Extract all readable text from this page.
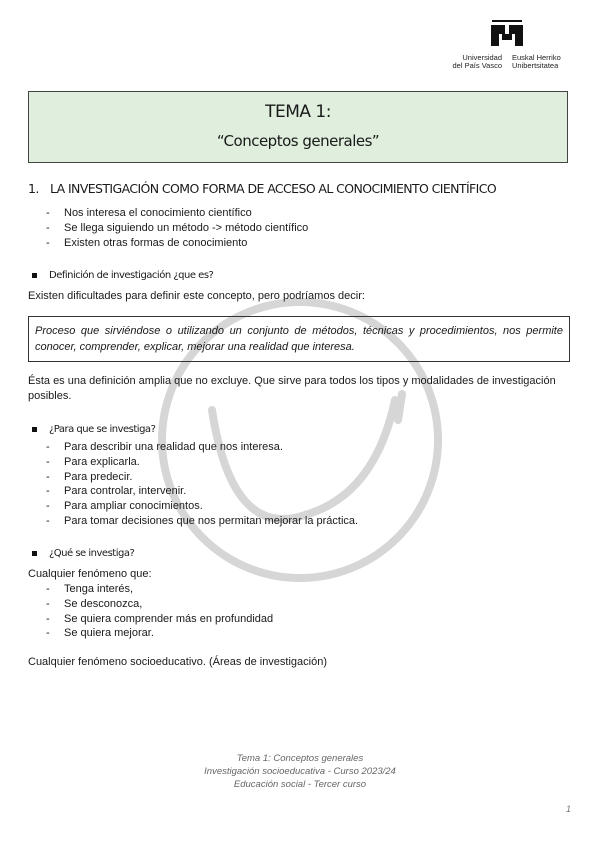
Universidad
del País Vasco
Euskal Herriko
Unibertsitatea
TEMA 1:
“Conceptos generales”
1. LA INVESTIGACIÓN COMO FORMA DE ACCESO AL CONOCIMIENTO CIENTÍFICO
- Nos interesa el conocimiento científico
- Se llega siguiendo un método -> método científico
- Existen otras formas de conocimiento
Definición de investigación ¿que es?
Existen dificultades para definir este concepto, pero podríamos decir:
Proceso que sirviéndose o utilizando un conjunto de métodos, técnicas y procedimientos, nos permite conocer, comprender, explicar, mejorar una realidad que interesa.
Ésta es una definición amplia que no excluye. Que sirve para todos los tipos y modalidades de investigación posibles.
¿Para que se investiga?
- Para describir una realidad que nos interesa.
- Para explicarla.
- Para predecir.
- Para controlar, intervenir.
- Para ampliar conocimientos.
- Para tomar decisiones que nos permitan mejorar la práctica.
¿Qué se investiga?
Cualquier fenómeno que:
- Tenga interés,
- Se desconozca,
- Se quiera comprender más en profundidad
- Se quiera mejorar.
Cualquier fenómeno socioeducativo. (Áreas de investigación)
Tema 1: Conceptos generales
Investigación socioeducativa - Curso 2023/24
Educación social - Tercer curso
1
